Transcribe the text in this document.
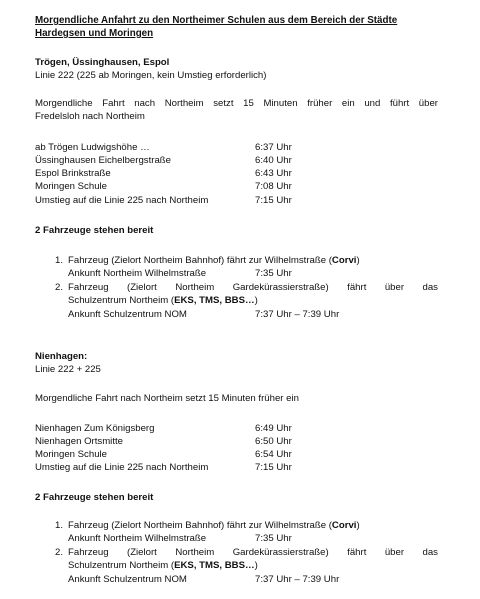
Morgendliche Anfahrt zu den Northeimer Schulen aus dem Bereich der Städte
Hardegsen und Moringen
Trögen, Üssinghausen, Espol
Linie 222 (225 ab Moringen, kein Umstieg erforderlich)
Morgendliche Fahrt nach Northeim setzt 15 Minuten früher ein und führt über
Fredelsloh nach Northeim
ab Trögen Ludwigshöhe …	6:37 Uhr
Üssinghausen Eichelbergstraße	6:40 Uhr
Espol Brinkstraße	6:43 Uhr
Moringen Schule	7:08 Uhr
Umstieg auf die Linie 225 nach Northeim	7:15 Uhr
2 Fahrzeuge stehen bereit
1. Fahrzeug (Zielort Northeim Bahnhof) fährt zur Wilhelmstraße (Corvi)
Ankunft Northeim Wilhelmstraße	7:35 Uhr
2. Fahrzeug (Zielort Northeim Gardekürassierstraße) fährt über das
Schulzentrum Northeim (EKS, TMS, BBS…)
Ankunft Schulzentrum NOM	7:37 Uhr – 7:39 Uhr
Nienhagen:
Linie 222 + 225
Morgendliche Fahrt nach Northeim setzt 15 Minuten früher ein
Nienhagen Zum Königsberg	6:49 Uhr
Nienhagen Ortsmitte	6:50 Uhr
Moringen Schule	6:54 Uhr
Umstieg auf die Linie 225 nach Northeim	7:15 Uhr
2 Fahrzeuge stehen bereit
1. Fahrzeug (Zielort Northeim Bahnhof) fährt zur Wilhelmstraße (Corvi)
Ankunft Northeim Wilhelmstraße	7:35 Uhr
2. Fahrzeug (Zielort Northeim Gardekürassierstraße) fährt über das
Schulzentrum Northeim (EKS, TMS, BBS…)
Ankunft Schulzentrum NOM	7:37 Uhr – 7:39 Uhr
